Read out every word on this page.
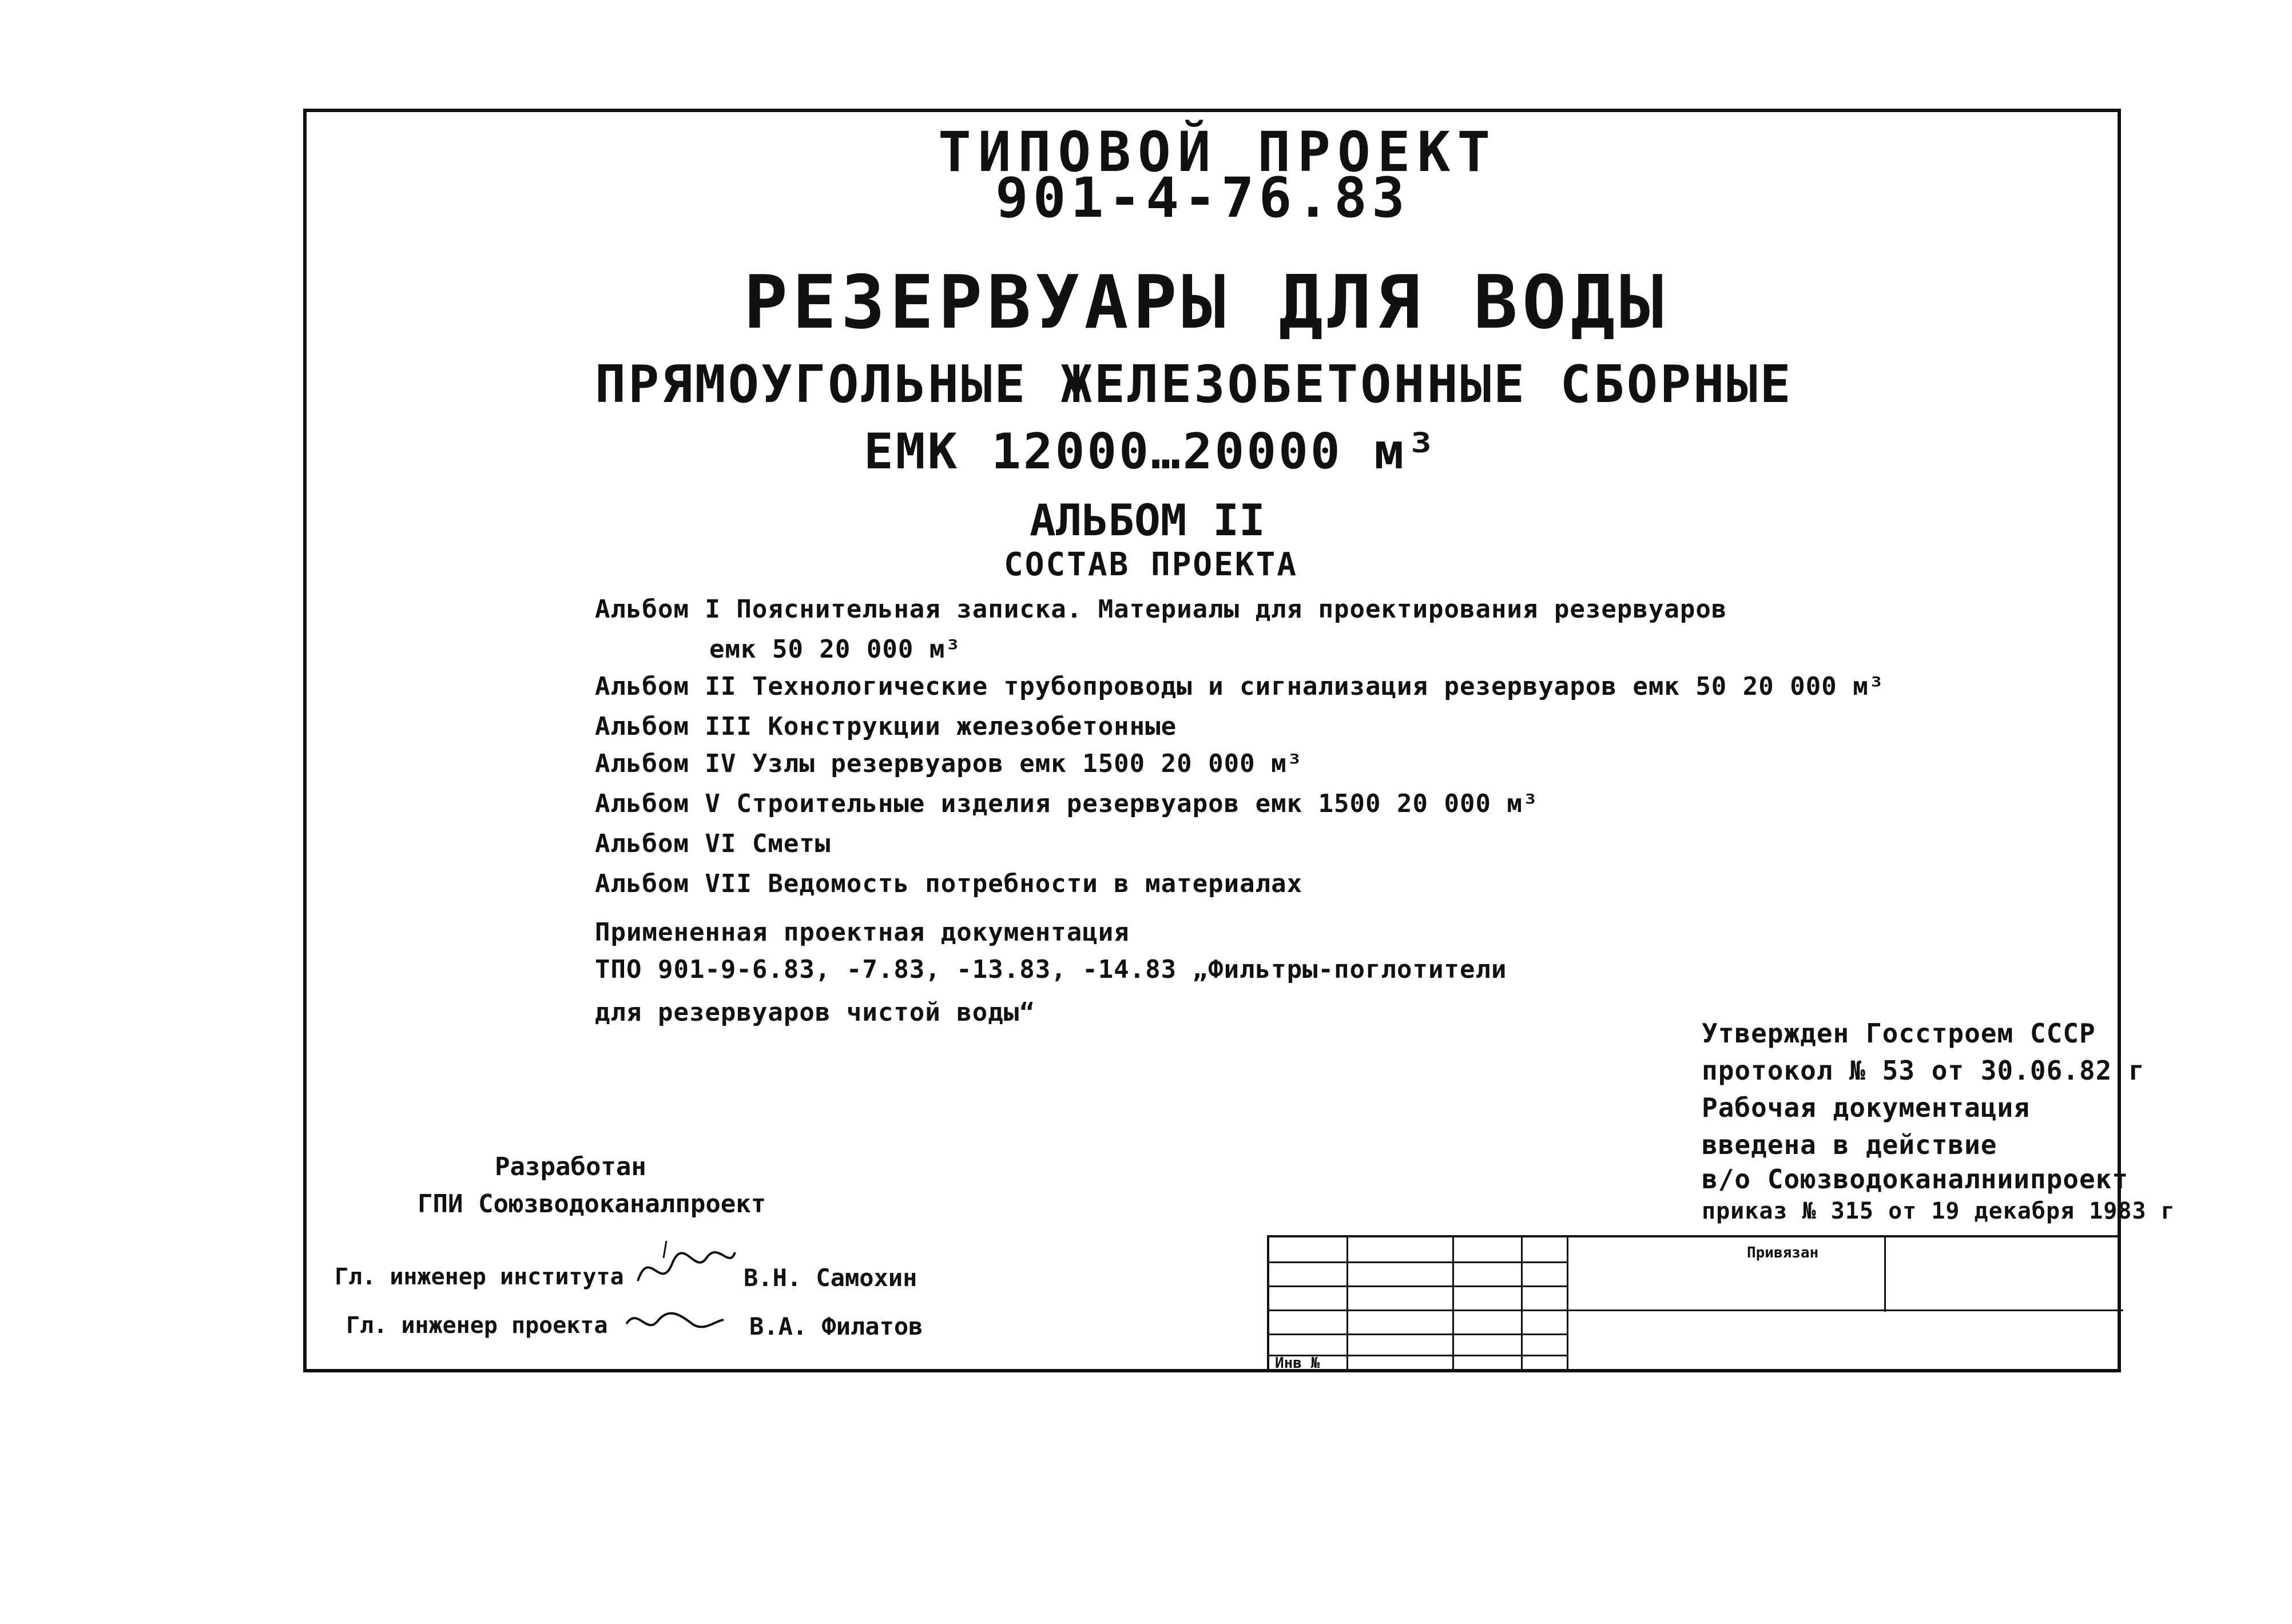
ТИПОВОЙ ПРОЕКТ
901-4-76.83
РЕЗЕРВУАРЫ ДЛЯ ВОДЫ
ПРЯМОУГОЛЬНЫЕ ЖЕЛЕЗОБЕТОННЫЕ СБОРНЫЕ
ЕМК 12000…20000 м³
АЛЬБОМ II
СОСТАВ ПРОЕКТА
Альбом I Пояснительная записка. Материалы для проектирования резервуаров
емк 50 20 000 м³
Альбом II Технологические трубопроводы и сигнализация резервуаров емк 50 20 000 м³
Альбом III Конструкции железобетонные
Альбом IV Узлы резервуаров емк 1500 20 000 м³
Альбом V Строительные изделия резервуаров емк 1500 20 000 м³
Альбом VI Сметы
Альбом VII Ведомость потребности в материалах
Примененная проектная документация
ТПО 901-9-6.83, -7.83, -13.83, -14.83 „Фильтры-поглотители
для резервуаров чистой воды“
Утвержден Госстроем СССР
протокол № 53 от 30.06.82 г
Рабочая документация
введена в действие
в/о Союзводоканалниипроект
приказ № 315 от 19 декабря 1983 г
Разработан
ГПИ Союзводоканалпроект
Гл. инженер института	В.Н. Самохин
Гл. инженер проекта	В.А. Филатов
Привязан
Инв №
